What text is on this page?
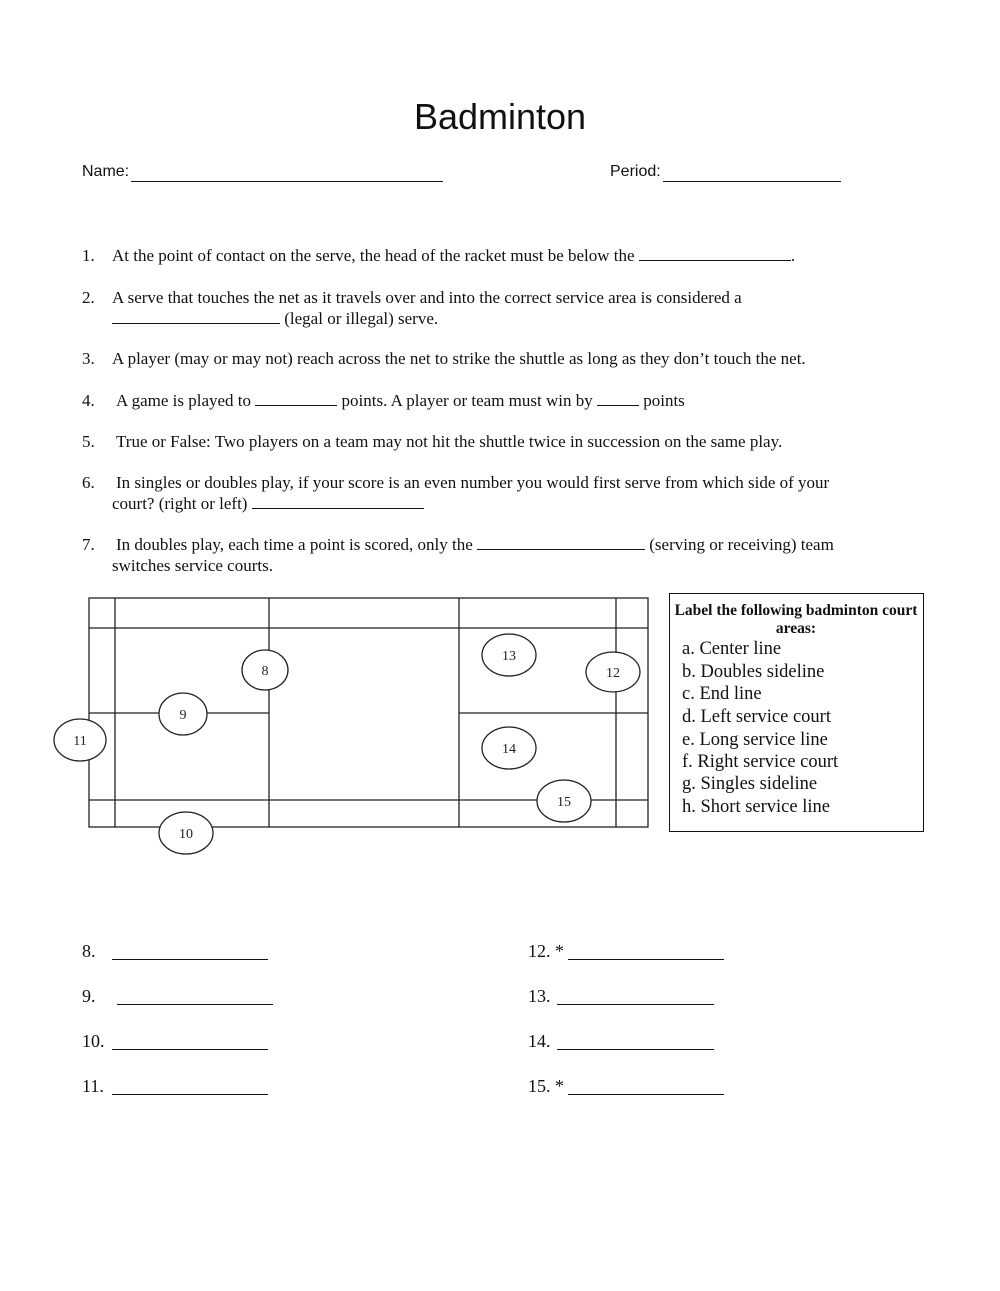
Badminton
Name:	Period:
1. At the point of contact on the serve, the head of the racket must be below the	.
2. A serve that touches the net as it travels over and into the correct service area is considered a
(legal or illegal) serve.
3. A player (may or may not) reach across the net to strike the shuttle as long as they don’t touch the net.
4. A game is played to	points. A player or team must win by	points
5. True or False: Two players on a team may not hit the shuttle twice in succession on the same play.
6. In singles or doubles play, if your score is an even number you would first serve from which side of your
court? (right or left)
7. In doubles play, each time a point is scored, only the	(serving or receiving) team
switches service courts.
8
9
10
11
12
13
14
15
Label the following badminton court areas:
a. Center line
b. Doubles sideline
c. End line
d. Left service court
e. Long service line
f. Right service court
g. Singles sideline
h. Short service line
8.
9.
10.
11.
12. *
13.
14.
15. *
